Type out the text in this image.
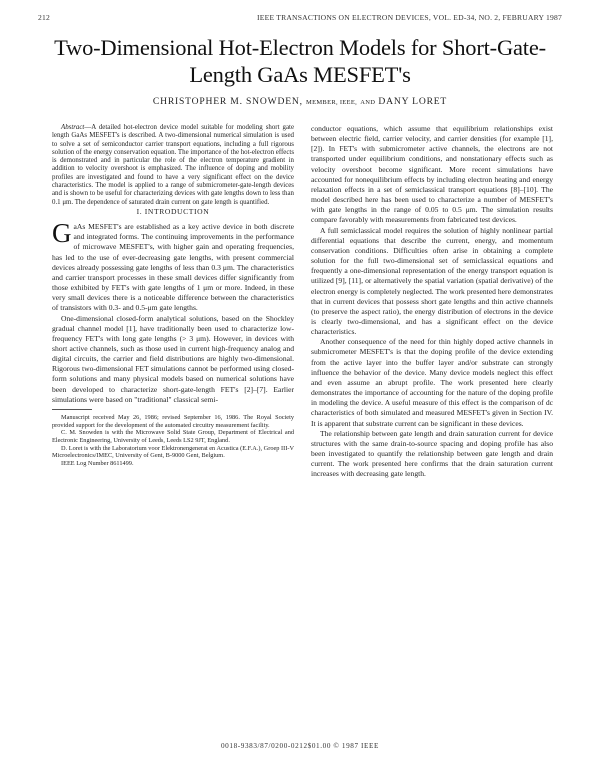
212	IEEE TRANSACTIONS ON ELECTRON DEVICES, VOL. ED-34, NO. 2, FEBRUARY 1987
Two-Dimensional Hot-Electron Models for Short-Gate-Length GaAs MESFET's
CHRISTOPHER M. SNOWDEN, MEMBER, IEEE, AND DANY LORET

Abstract—A detailed hot-electron device model suitable for modeling short gate length GaAs MESFET's is described. A two-dimensional numerical simulation is used to solve a set of semiconductor carrier transport equations, including a full rigorous solution of the energy conservation equation. The importance of the hot-electron effects is demonstrated and in particular the role of the electron temperature gradient in addition to velocity overshoot is emphasized. The influence of doping and mobility profiles are investigated and found to have a very significant effect on the device characteristics. The model is applied to a range of submicrometer-gate-length devices and is shown to be useful for characterizing devices with gate lengths down to less than 0.1 μm. The dependence of saturated drain current on gate length is quantified.

I. INTRODUCTION

GaAs MESFET's are established as a key active device in both discrete and integrated forms. The continuing improvements in the performance of microwave MESFET's, with higher gain and operating frequencies, has led to the use of ever-decreasing gate lengths, with present commercial devices already possessing gate lengths of less than 0.3 μm. The characteristics and carrier transport processes in these small devices differ significantly from those exhibited by FET's with gate lengths of 1 μm or more. Indeed, in these very small devices there is a noticeable difference between the characteristics of transistors with 0.3- and 0.5-μm gate lengths.

One-dimensional closed-form analytical solutions, based on the Shockley gradual channel model [1], have traditionally been used to characterize low-frequency FET's with long gate lengths (> 3 μm). However, in devices with short active channels, such as those used in current high-frequency analog and digital circuits, the carrier and field distributions are highly two-dimensional. Rigorous two-dimensional FET simulations cannot be performed using closed-form solutions and many physical models based on numerical solutions have been developed to characterize short-gate-length FET's [2]–[7]. Earlier simulations were based on "traditional" classical semi-

Manuscript received May 26, 1986; revised September 16, 1986. The Royal Society provided support for the development of the automated circuitry measurement facility.

C. M. Snowden is with the Microwave Solid State Group, Department of Electrical and Electronic Engineering, University of Leeds, Leeds LS2 9JT, England.

D. Loret is with the Laboratorium voor Elektronengenerat en Acustica (E.F.A.), Groep III-V Microelectronics/IMEC, University of Gent, B-9000 Gent, Belgium.

IEEE Log Number 8611499.

conductor equations, which assume that equilibrium relationships exist between electric field, carrier velocity, and carrier densities (for example [1], [2]). In FET's with submicrometer active channels, the electrons are not transported under equilibrium conditions, and nonstationary effects such as velocity overshoot become significant. More recent simulations have accounted for nonequilibrium effects by including electron heating and energy relaxation effects in a set of semiclassical transport equations [8]–[10]. The model described here has been used to characterize a number of MESFET's with gate lengths in the range of 0.05 to 0.5 μm. The simulation results compare favorably with measurements from fabricated test devices.

A full semiclassical model requires the solution of highly nonlinear partial differential equations that describe the current, energy, and momentum conservation conditions. Difficulties often arise in obtaining a complete solution for the full two-dimensional set of semiclassical equations and frequently a one-dimensional representation of the energy transport equation is utilized [9], [11], or alternatively the spatial variation (spatial derivative) of the electron energy is completely neglected. The work presented here demonstrates that in current devices that possess short gate lengths and thin active channels (to preserve the aspect ratio), the energy distribution of electrons in the device is clearly two-dimensional, and has a significant effect on the device characteristics.

Another consequence of the need for thin highly doped active channels in submicrometer MESFET's is that the doping profile of the device extending from the active layer into the buffer layer and/or substrate can strongly influence the behavior of the device. Many device models neglect this effect and even assume an abrupt profile. The work presented here clearly demonstrates the importance of accounting for the nature of the doping profile in modeling the device. A useful measure of this effect is the comparison of dc characteristics of both simulated and measured MESFET's given in Section IV. It is apparent that substrate current can be significant in these devices.

The relationship between gate length and drain saturation current for device structures with the same drain-to-source spacing and doping profile has also been investigated to quantify the relationship between gate length and drain current. The work presented here confirms that the drain saturation current increases with decreasing gate length.

0018-9383/87/0200-0212$01.00 © 1987 IEEE
